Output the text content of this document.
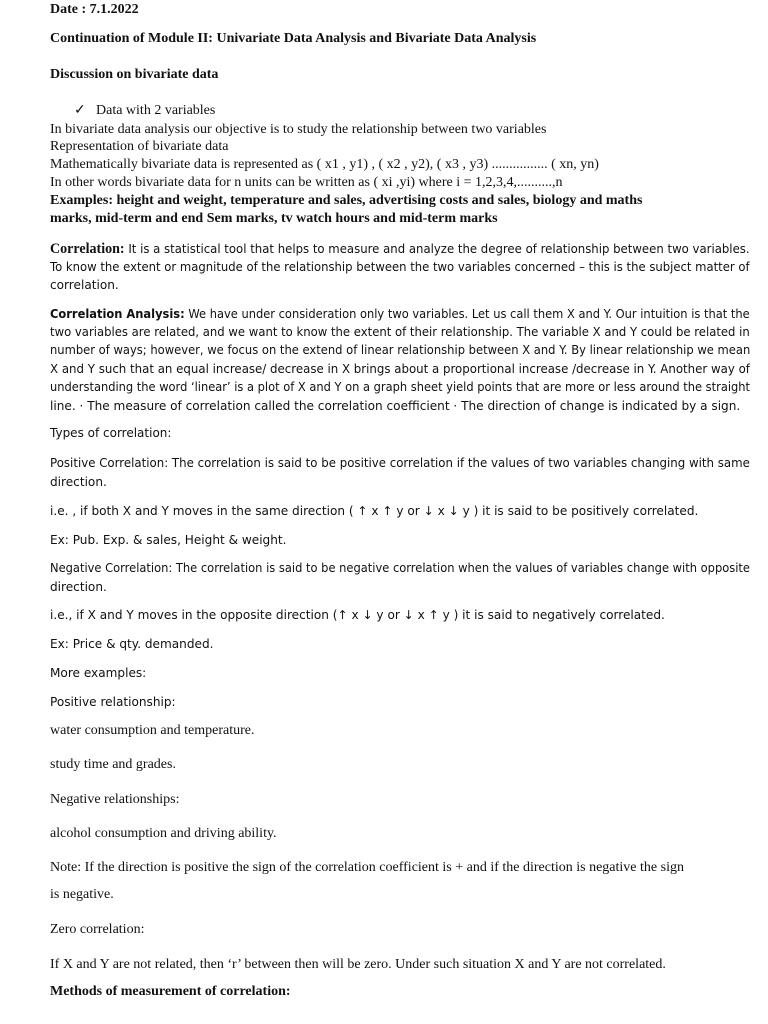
Date : 7.1.2022
Continuation of Module II: Univariate Data Analysis and Bivariate Data Analysis
Discussion on bivariate data
✓ Data with 2 variables
In bivariate data analysis our objective is to study the relationship between two variables
Representation of bivariate data
Mathematically bivariate data is represented as ( x1 , y1) , ( x2 , y2), ( x3 , y3) ................ ( xn, yn)
In other words bivariate data for n units can be written as ( xi ,yi) where i = 1,2,3,4,..........,n
Examples: height and weight, temperature and sales, advertising costs and sales, biology and maths
marks, mid-term and end Sem marks, tv watch hours and mid-term marks
Correlation: It is a statistical tool that helps to measure and analyze the degree of relationship between two variables.
To know the extent or magnitude of the relationship between the two variables concerned – this is the subject matter of
correlation.
Correlation Analysis: We have under consideration only two variables. Let us call them X and Y. Our intuition is that the
two variables are related, and we want to know the extent of their relationship. The variable X and Y could be related in
number of ways; however, we focus on the extend of linear relationship between X and Y. By linear relationship we mean
X and Y such that an equal increase/ decrease in X brings about a proportional increase /decrease in Y. Another way of
understanding the word ‘linear’ is a plot of X and Y on a graph sheet yield points that are more or less around the straight
line. · The measure of correlation called the correlation coefficient · The direction of change is indicated by a sign.
Types of correlation:
Positive Correlation: The correlation is said to be positive correlation if the values of two variables changing with same
direction.
i.e. , if both X and Y moves in the same direction ( ↑ x ↑ y or ↓ x ↓ y ) it is said to be positively correlated.
Ex: Pub. Exp. & sales, Height & weight.
Negative Correlation: The correlation is said to be negative correlation when the values of variables change with opposite
direction.
i.e., if X and Y moves in the opposite direction (↑ x ↓ y or ↓ x ↑ y ) it is said to negatively correlated.
Ex: Price & qty. demanded.
More examples:
Positive relationship:
water consumption and temperature.
study time and grades.
Negative relationships:
alcohol consumption and driving ability.
Note: If the direction is positive the sign of the correlation coefficient is + and if the direction is negative the sign
is negative.
Zero correlation:
If X and Y are not related, then ‘r’ between then will be zero. Under such situation X and Y are not correlated.
Methods of measurement of correlation:
